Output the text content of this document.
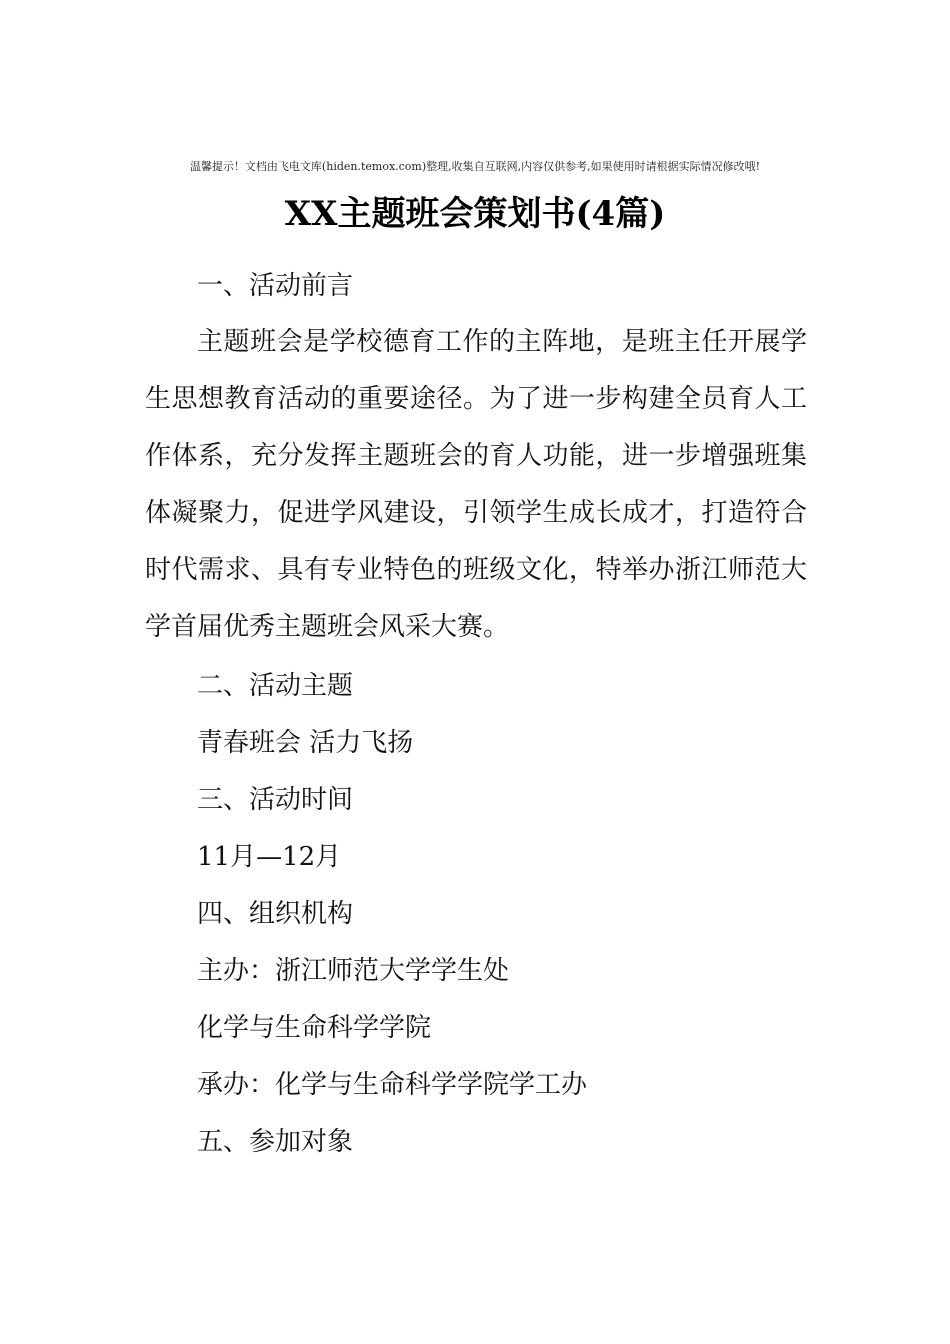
温馨提示！文档由飞电文库(hiden.temox.com)整理,收集自互联网,内容仅供参考,如果使用时请根据实际情况修改哦!
XX主题班会策划书(4篇)
一、活动前言
主题班会是学校德育工作的主阵地，是班主任开展学生思想教育活动的重要途径。为了进一步构建全员育人工作体系，充分发挥主题班会的育人功能，进一步增强班集体凝聚力，促进学风建设，引领学生成长成才，打造符合时代需求、具有专业特色的班级文化，特举办浙江师范大学首届优秀主题班会风采大赛。
二、活动主题
青春班会 活力飞扬
三、活动时间
11月—12月
四、组织机构
主办：浙江师范大学学生处
化学与生命科学学院
承办：化学与生命科学学院学工办
五、参加对象
